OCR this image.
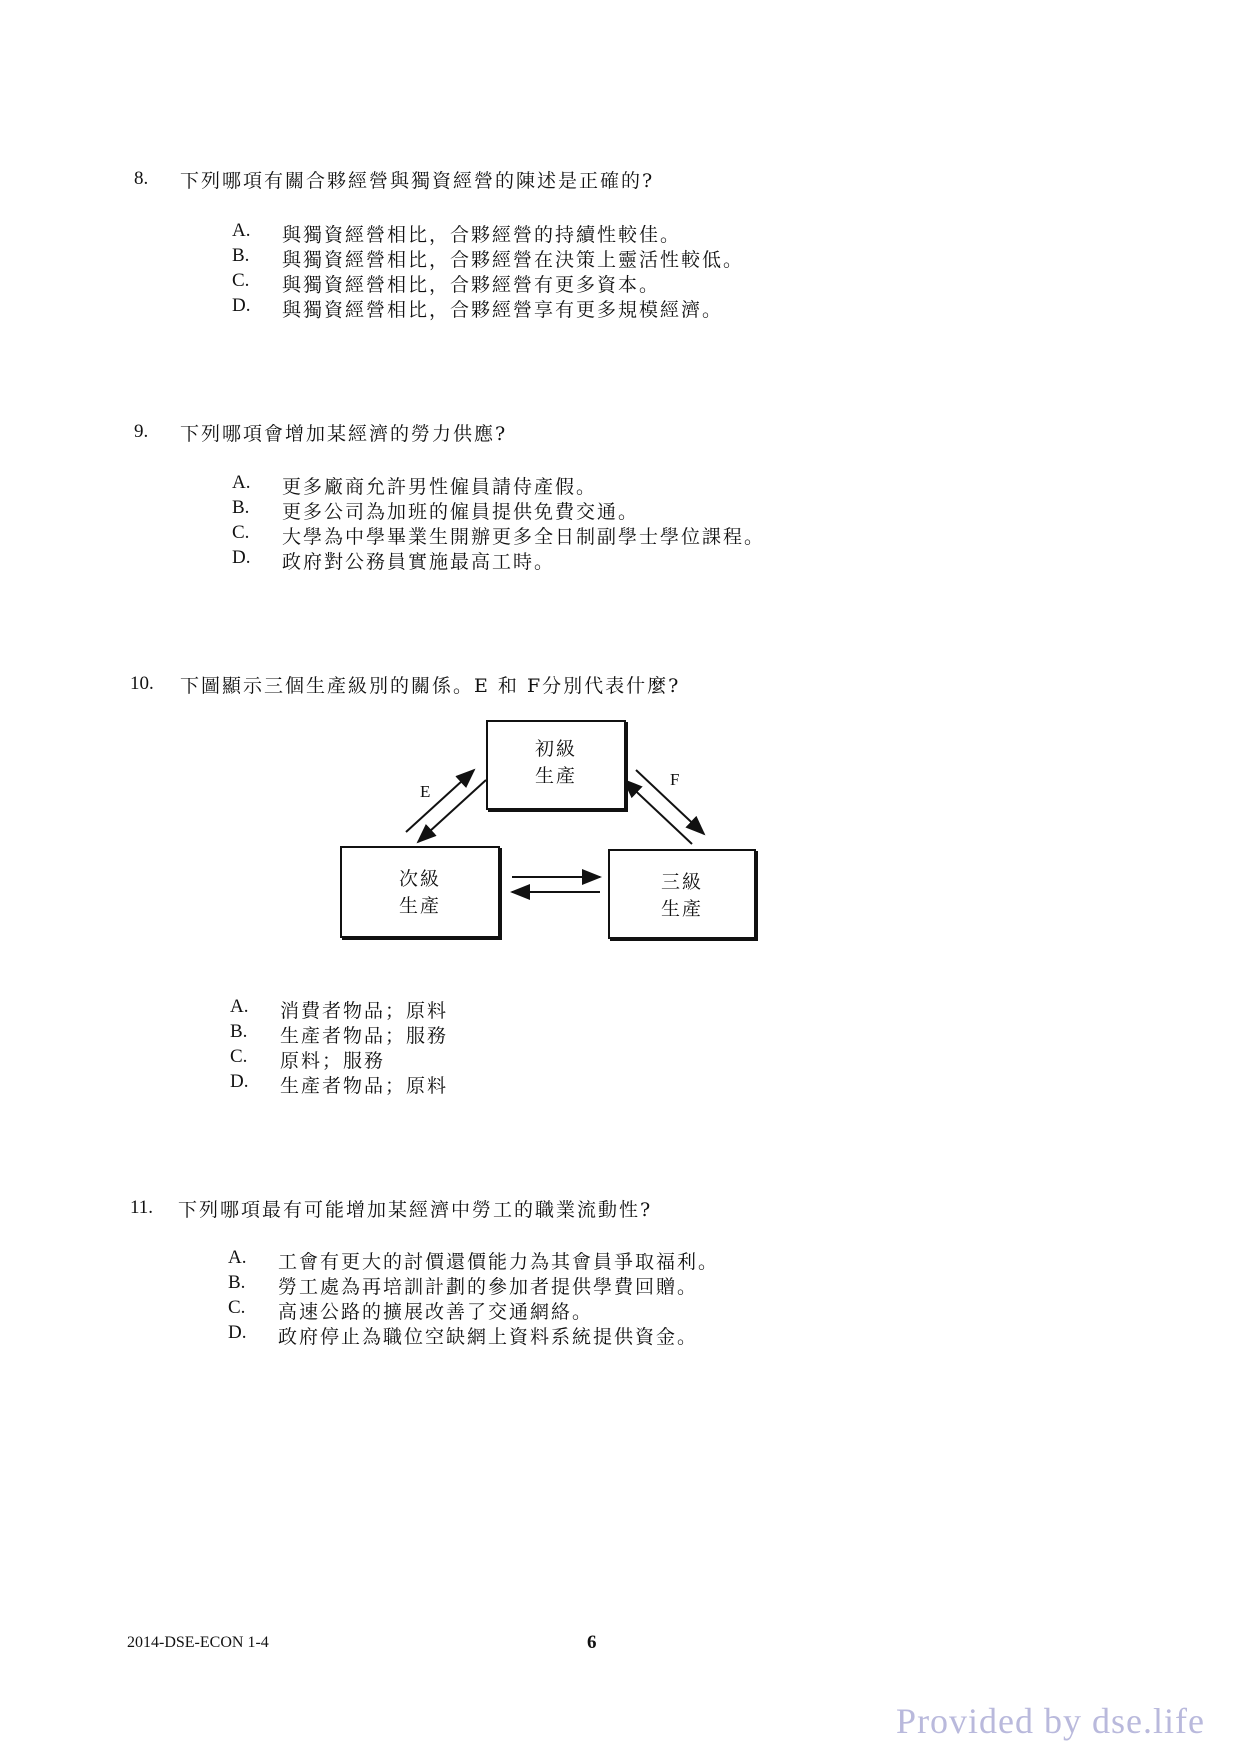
8. 下列哪項有關合夥經營與獨資經營的陳述是正確的?
A. 與獨資經營相比，合夥經營的持續性較佳。
B. 與獨資經營相比，合夥經營在決策上靈活性較低。
C. 與獨資經營相比，合夥經營有更多資本。
D. 與獨資經營相比，合夥經營享有更多規模經濟。
9. 下列哪項會增加某經濟的勞力供應?
A. 更多廠商允許男性僱員請侍產假。
B. 更多公司為加班的僱員提供免費交通。
C. 大學為中學畢業生開辦更多全日制副學士學位課程。
D. 政府對公務員實施最高工時。
10. 下圖顯示三個生產級別的關係。E 和 F分別代表什麼?
初級
生產
次級
生產
三級
生產
E
F
A. 消費者物品；原料
B. 生產者物品；服務
C. 原料；服務
D. 生產者物品；原料
11. 下列哪項最有可能增加某經濟中勞工的職業流動性?
A. 工會有更大的討價還價能力為其會員爭取福利。
B. 勞工處為再培訓計劃的參加者提供學費回贈。
C. 高速公路的擴展改善了交通網絡。
D. 政府停止為職位空缺網上資料系統提供資金。
2014-DSE-ECON 1-4	6
Provided by dse.life
